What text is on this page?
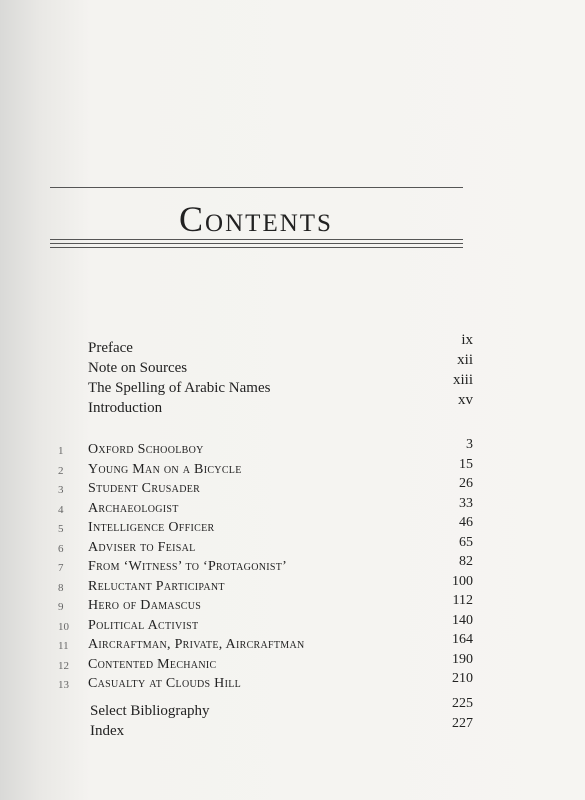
Contents
Preface	ix
Note on Sources	xii
The Spelling of Arabic Names	xiii
Introduction	xv
1	Oxford Schoolboy	3
2	Young Man on a Bicycle	15
3	Student Crusader	26
4	Archaeologist	33
5	Intelligence Officer	46
6	Adviser to Feisal	65
7	From ‘Witness’ to ‘Protagonist’	82
8	Reluctant Participant	100
9	Hero of Damascus	112
10	Political Activist	140
11	Aircraftman, Private, Aircraftman	164
12	Contented Mechanic	190
13	Casualty at Clouds Hill	210
Select Bibliography	225
Index	227
